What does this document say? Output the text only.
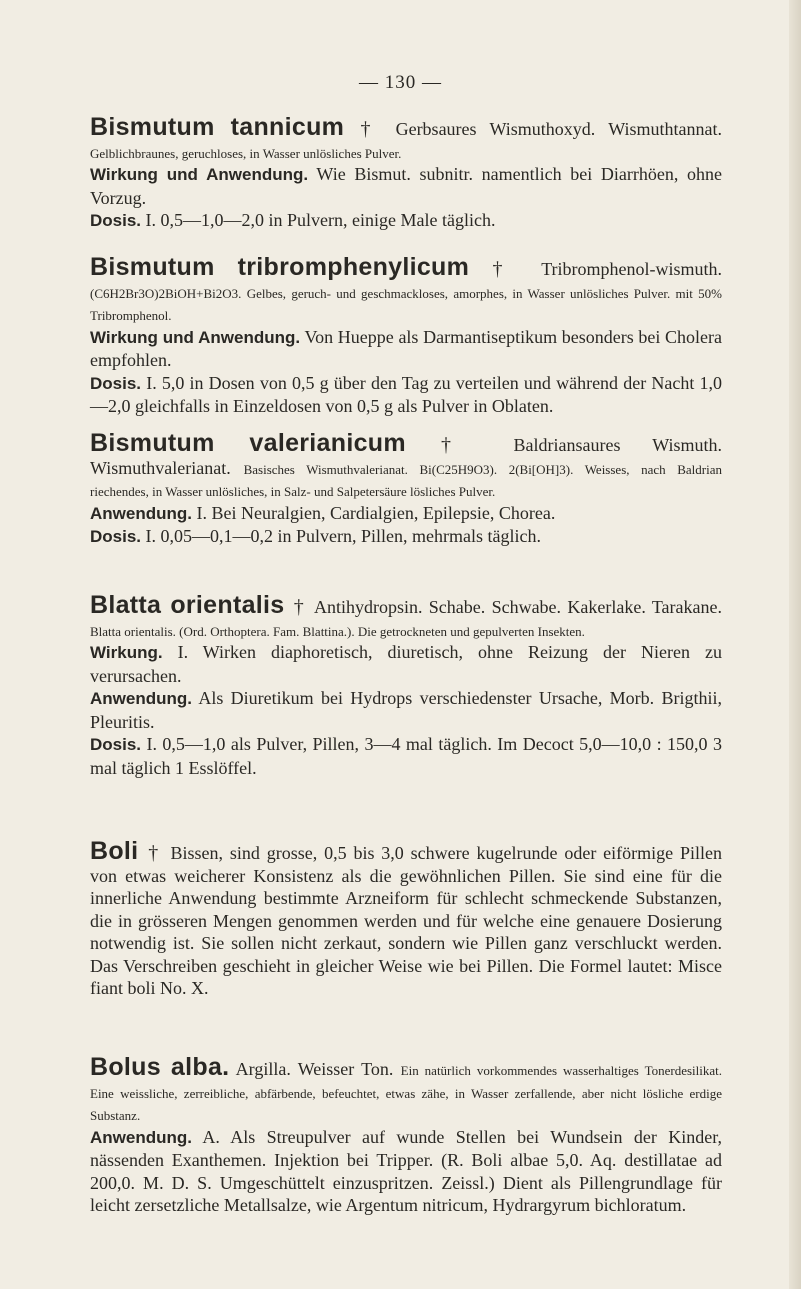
— 130 —

Bismutum tannicum † Gerbsaures Wismuthoxyd. Wismuthtannat. Gelblichbraunes, geruchloses, in Wasser unlösliches Pulver.

Wirkung und Anwendung. Wie Bismut. subnitr. namentlich bei Diarrhöen, ohne Vorzug.

Dosis. I. 0,5—1,0—2,0 in Pulvern, einige Male täglich.

Bismutum tribromphenylicum † Tribromphenol-wismuth. (C6H2Br3O)2BiOH+Bi2O3. Gelbes, geruch- und geschmackloses, amorphes, in Wasser unlösliches Pulver. mit 50% Tribromphenol.

Wirkung und Anwendung. Von Hueppe als Darmantiseptikum besonders bei Cholera empfohlen.

Dosis. I. 5,0 in Dosen von 0,5 g über den Tag zu verteilen und während der Nacht 1,0—2,0 gleichfalls in Einzeldosen von 0,5 g als Pulver in Oblaten.

Bismutum valerianicum † Baldriansaures Wismuth. Wismuthvalerianat. Basisches Wismuthvalerianat. Bi(C25H9O3). 2(Bi[OH]3). Weisses, nach Baldrian riechendes, in Wasser unlösliches, in Salz- und Salpetersäure lösliches Pulver.

Anwendung. I. Bei Neuralgien, Cardialgien, Epilepsie, Chorea.

Dosis. I. 0,05—0,1—0,2 in Pulvern, Pillen, mehrmals täglich.

Blatta orientalis † Antihydropsin. Schabe. Schwabe. Kakerlake. Tarakane. Blatta orientalis. (Ord. Orthoptera. Fam. Blattina.). Die getrockneten und gepulverten Insekten.

Wirkung. I. Wirken diaphoretisch, diuretisch, ohne Reizung der Nieren zu verursachen.

Anwendung. Als Diuretikum bei Hydrops verschiedenster Ursache, Morb. Brigthii, Pleuritis.

Dosis. I. 0,5—1,0 als Pulver, Pillen, 3—4 mal täglich. Im Decoct 5,0—10,0 : 150,0 3 mal täglich 1 Esslöffel.

Boli † Bissen, sind grosse, 0,5 bis 3,0 schwere kugelrunde oder eiförmige Pillen von etwas weicherer Konsistenz als die gewöhnlichen Pillen. Sie sind eine für die innerliche Anwendung bestimmte Arzneiform für schlecht schmeckende Substanzen, die in grösseren Mengen genommen werden und für welche eine genauere Dosierung notwendig ist. Sie sollen nicht zerkaut, sondern wie Pillen ganz verschluckt werden. Das Verschreiben geschieht in gleicher Weise wie bei Pillen. Die Formel lautet: Misce fiant boli No. X.

Bolus alba. Argilla. Weisser Ton. Ein natürlich vorkommendes wasserhaltiges Tonerdesilikat. Eine weissliche, zerreibliche, abfärbende, befeuchtet, etwas zähe, in Wasser zerfallende, aber nicht lösliche erdige Substanz.

Anwendung. A. Als Streupulver auf wunde Stellen bei Wundsein der Kinder, nässenden Exanthemen. Injektion bei Tripper. (R. Boli albae 5,0. Aq. destillatae ad 200,0. M. D. S. Umgeschüttelt einzuspritzen. Zeissl.) Dient als Pillengrundlage für leicht zersetzliche Metallsalze, wie Argentum nitricum, Hydrargyrum bichloratum.
